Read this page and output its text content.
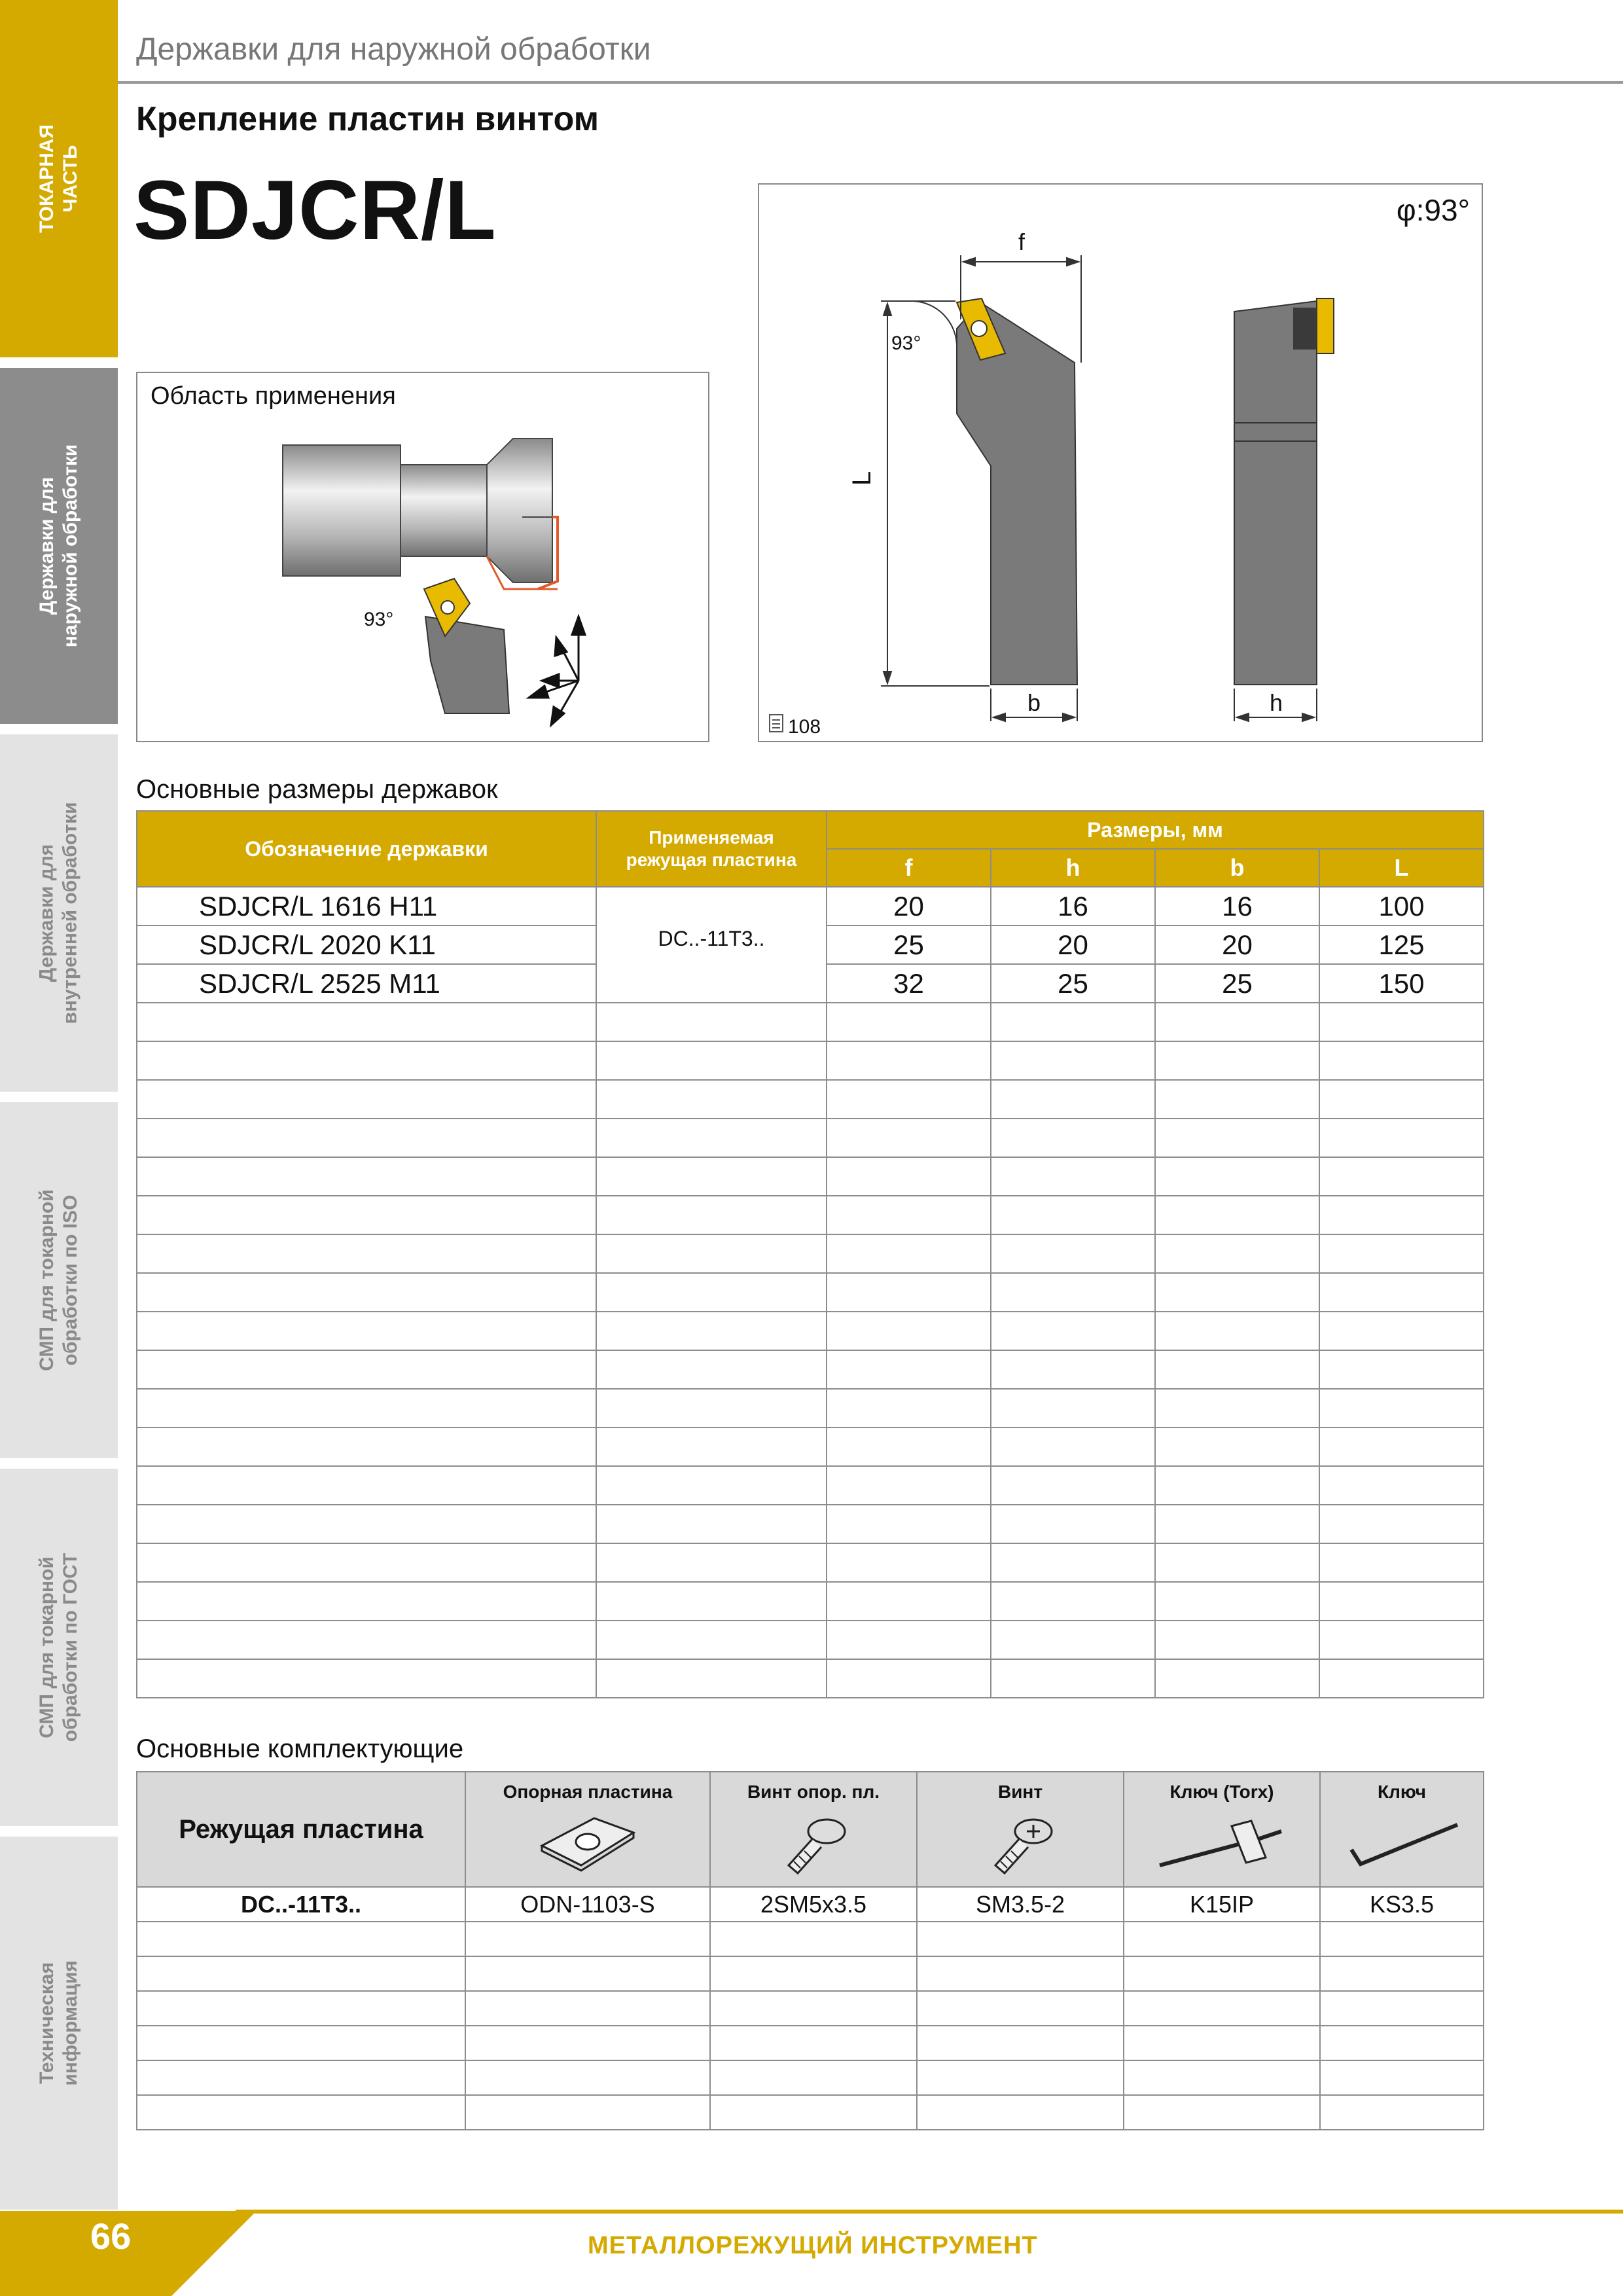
ТОКАРНАЯ
ЧАСТЬ
Державки для
наружной обработки
Державки для
внутренней обработки
СМП для токарной
обработки по ISO
СМП для токарной
обработки по ГОСТ
Техническая
информация
Державки для наружной обработки
Крепление пластин винтом
SDJCR/L
Область применения
93°
φ:93°
f
93°
L
b	h
108
Основные размеры державок
Обозначение державки	Применяемая
режущая пластина	Размеры, мм			
		f	h	b	L
SDJCR/L 1616 H11	DC..-11T3..	20	16	16	100
SDJCR/L 2020 K11		25	20	20	125
SDJCR/L 2525 M11		32	25	25	150

Основные комплектующие
Режущая пластина	Опорная пластина	Винт опор. пл.	Винт	Ключ (Torx)	Ключ

DC..-11T3..	ODN-1103-S	2SM5x3.5	SM3.5-2	K15IP	KS3.5

66	МЕТАЛЛОРЕЖУЩИЙ ИНСТРУМЕНТ
